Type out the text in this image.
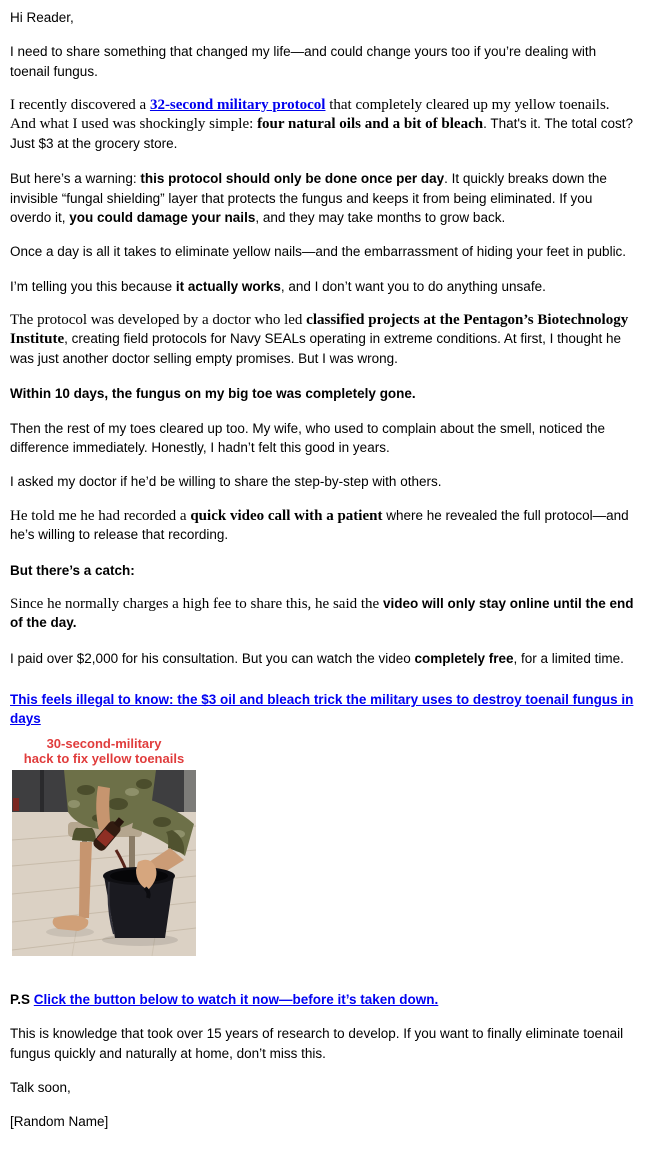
Hi Reader,

I need to share something that changed my life—and could change yours too if you’re dealing with toenail fungus.

I recently discovered a 32-second military protocol that completely cleared up my yellow toenails. And what I used was shockingly simple: four natural oils and a bit of bleach. That's it. The total cost? Just $3 at the grocery store.

But here’s a warning: this protocol should only be done once per day. It quickly breaks down the invisible “fungal shielding” layer that protects the fungus and keeps it from being eliminated. If you overdo it, you could damage your nails, and they may take months to grow back.

Once a day is all it takes to eliminate yellow nails—and the embarrassment of hiding your feet in public.

I’m telling you this because it actually works, and I don’t want you to do anything unsafe.

The protocol was developed by a doctor who led classified projects at the Pentagon’s Biotechnology Institute, creating field protocols for Navy SEALs operating in extreme conditions. At first, I thought he was just another doctor selling empty promises. But I was wrong.

Within 10 days, the fungus on my big toe was completely gone.

Then the rest of my toes cleared up too. My wife, who used to complain about the smell, noticed the difference immediately. Honestly, I hadn’t felt this good in years.

I asked my doctor if he’d be willing to share the step-by-step with others.

He told me he had recorded a quick video call with a patient where he revealed the full protocol—and he’s willing to release that recording.

But there’s a catch:

Since he normally charges a high fee to share this, he said the video will only stay online until the end of the day.

I paid over $2,000 for his consultation. But you can watch the video completely free, for a limited time.

This feels illegal to know: the $3 oil and bleach trick the military uses to destroy toenail fungus in days

30-second-military
hack to fix yellow toenails

P.S Click the button below to watch it now—before it’s taken down.

This is knowledge that took over 15 years of research to develop. If you want to finally eliminate toenail fungus quickly and naturally at home, don’t miss this.

Talk soon,

[Random Name]
